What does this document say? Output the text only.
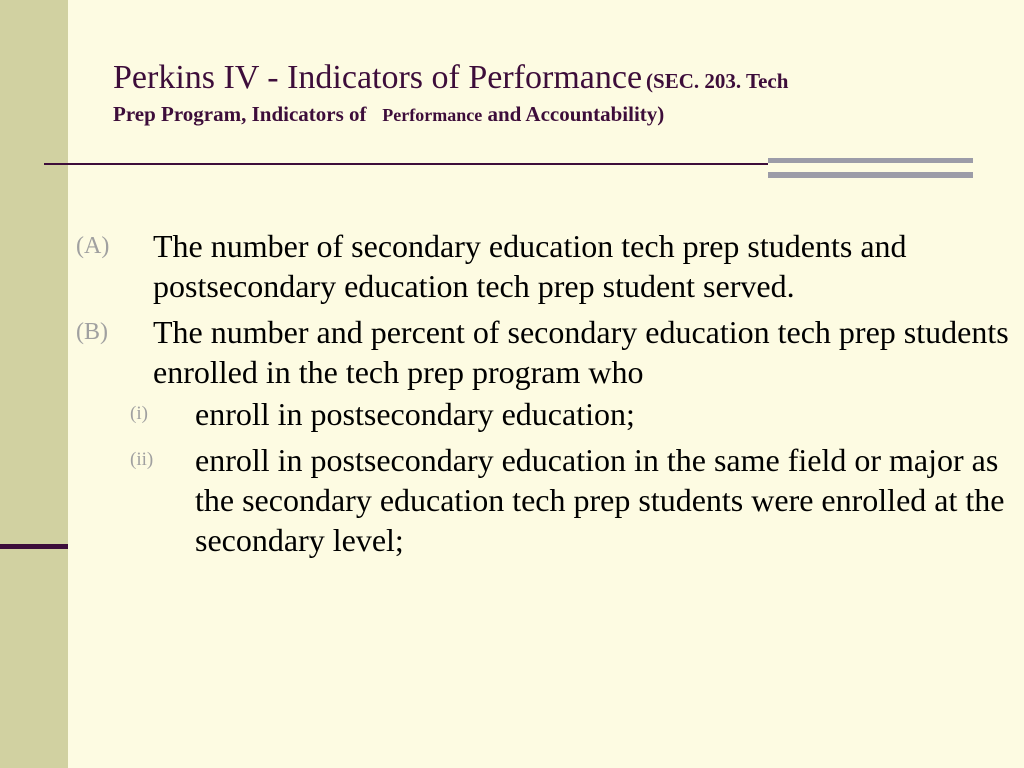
Perkins IV - Indicators of Performance (SEC. 203. Tech
Prep Program, Indicators of Performance and Accountability)
(A) The number of secondary education tech prep students and postsecondary education tech prep student served.
(B) The number and percent of secondary education tech prep students enrolled in the tech prep program who
(i) enroll in postsecondary education;
(ii) enroll in postsecondary education in the same field or major as the secondary education tech prep students were enrolled at the secondary level;
